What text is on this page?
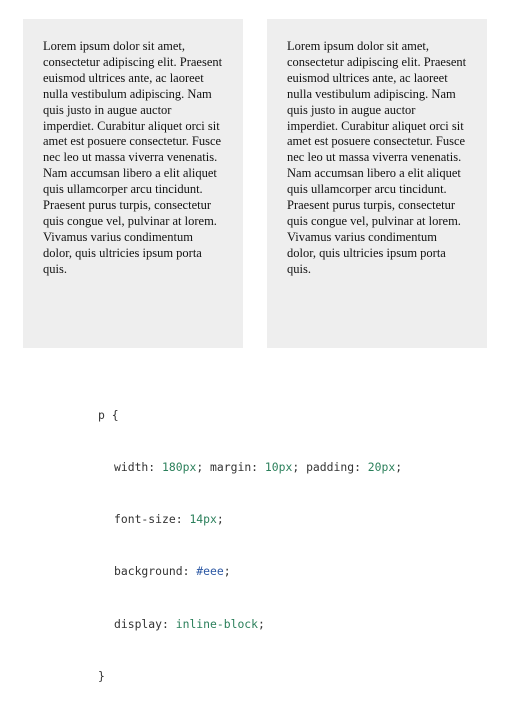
Lorem ipsum dolor sit amet, consectetur adipiscing elit. Praesent euismod ultrices ante, ac laoreet nulla vestibulum adipiscing. Nam quis justo in augue auctor imperdiet. Curabitur aliquet orci sit amet est posuere consectetur. Fusce nec leo ut massa viverra venenatis. Nam accumsan libero a elit aliquet quis ullamcorper arcu tincidunt. Praesent purus turpis, consectetur quis congue vel, pulvinar at lorem. Vivamus varius condimentum dolor, quis ultricies ipsum porta quis.

Lorem ipsum dolor sit amet, consectetur adipiscing elit. Praesent euismod ultrices ante, ac laoreet nulla vestibulum adipiscing. Nam quis justo in augue auctor imperdiet. Curabitur aliquet orci sit amet est posuere consectetur. Fusce nec leo ut massa viverra venenatis. Nam accumsan libero a elit aliquet quis ullamcorper arcu tincidunt. Praesent purus turpis, consectetur quis congue vel, pulvinar at lorem. Vivamus varius condimentum dolor, quis ultricies ipsum porta quis.

p {

width: 180px; margin: 10px; padding: 20px;

font-size: 14px;

background: #eee;

display: inline-block;

}
